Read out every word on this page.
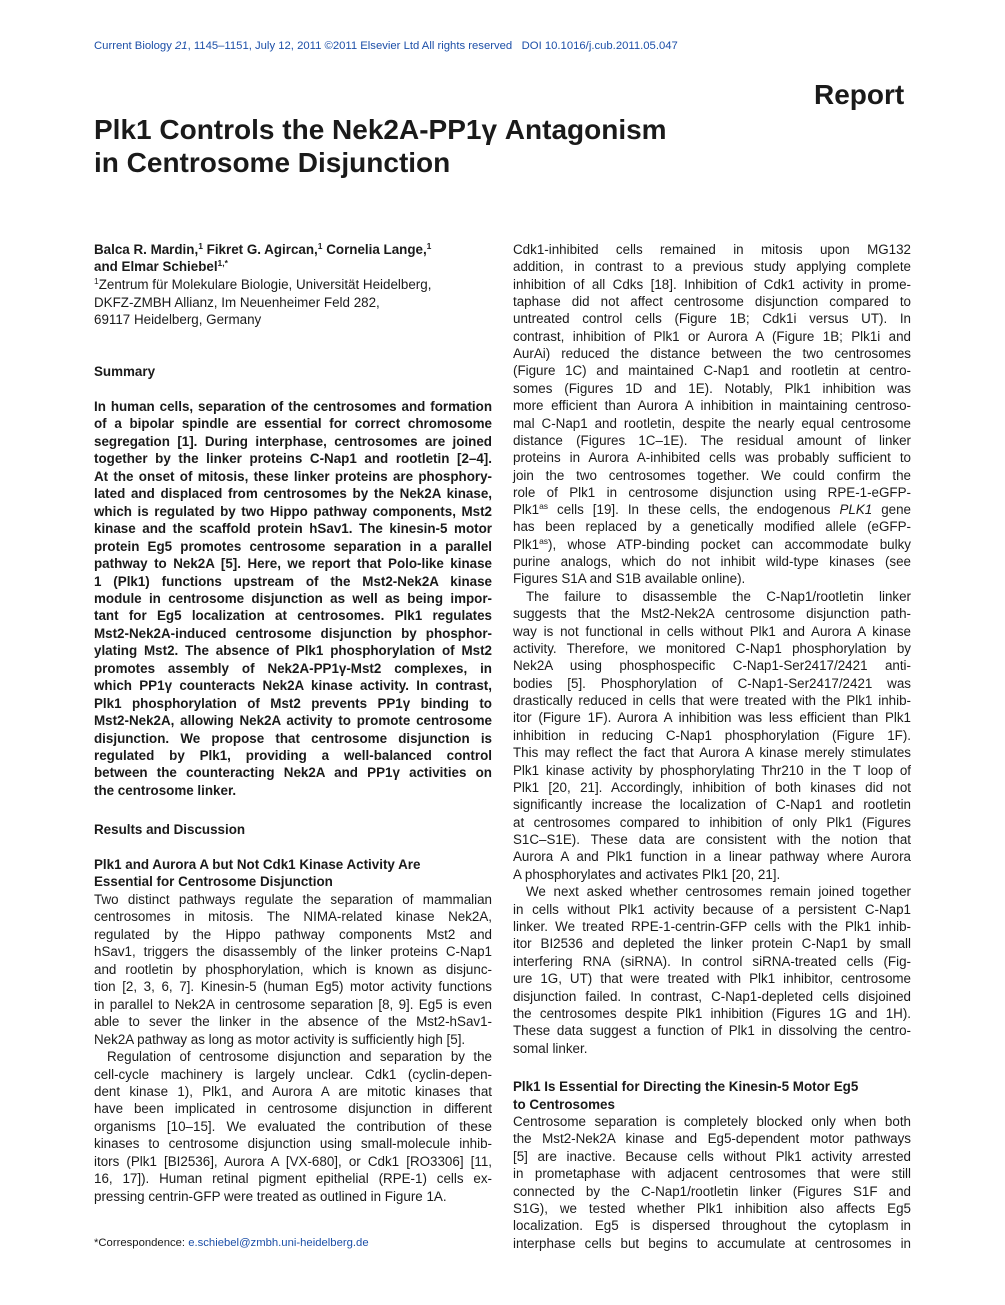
Current Biology 21, 1145–1151, July 12, 2011 ©2011 Elsevier Ltd All rights reserved DOI 10.1016/j.cub.2011.05.047
Report
Plk1 Controls the Nek2A-PP1γ Antagonism
in Centrosome Disjunction
Balca R. Mardin,$^1$ Fikret G. Agircan,$^1$ Cornelia Lange,$^1$
and Elmar Schiebel$^{1,*}$
$^1$Zentrum für Molekulare Biologie, Universität Heidelberg,
DKFZ-ZMBH Allianz, Im Neuenheimer Feld 282,
69117 Heidelberg, Germany
Summary
In human cells, separation of the centrosomes and formation
of a bipolar spindle are essential for correct chromosome
segregation [1]. During interphase, centrosomes are joined
together by the linker proteins C-Nap1 and rootletin [2–4].
At the onset of mitosis, these linker proteins are phosphory-
lated and displaced from centrosomes by the Nek2A kinase,
which is regulated by two Hippo pathway components, Mst2
kinase and the scaffold protein hSav1. The kinesin-5 motor
protein Eg5 promotes centrosome separation in a parallel
pathway to Nek2A [5]. Here, we report that Polo-like kinase
1 (Plk1) functions upstream of the Mst2-Nek2A kinase
module in centrosome disjunction as well as being impor-
tant for Eg5 localization at centrosomes. Plk1 regulates
Mst2-Nek2A-induced centrosome disjunction by phosphor-
ylating Mst2. The absence of Plk1 phosphorylation of Mst2
promotes assembly of Nek2A-PP1γ-Mst2 complexes, in
which PP1γ counteracts Nek2A kinase activity. In contrast,
Plk1 phosphorylation of Mst2 prevents PP1γ binding to
Mst2-Nek2A, allowing Nek2A activity to promote centrosome
disjunction. We propose that centrosome disjunction is
regulated by Plk1, providing a well-balanced control
between the counteracting Nek2A and PP1γ activities on
the centrosome linker.
Results and Discussion
Plk1 and Aurora A but Not Cdk1 Kinase Activity Are
Essential for Centrosome Disjunction
Two distinct pathways regulate the separation of mammalian
centrosomes in mitosis. The NIMA-related kinase Nek2A,
regulated by the Hippo pathway components Mst2 and
hSav1, triggers the disassembly of the linker proteins C-Nap1
and rootletin by phosphorylation, which is known as disjunc-
tion [2, 3, 6, 7]. Kinesin-5 (human Eg5) motor activity functions
in parallel to Nek2A in centrosome separation [8, 9]. Eg5 is even
able to sever the linker in the absence of the Mst2-hSav1-
Nek2A pathway as long as motor activity is sufficiently high [5].
Regulation of centrosome disjunction and separation by the
cell-cycle machinery is largely unclear. Cdk1 (cyclin-depen-
dent kinase 1), Plk1, and Aurora A are mitotic kinases that
have been implicated in centrosome disjunction in different
organisms [10–15]. We evaluated the contribution of these
kinases to centrosome disjunction using small-molecule inhib-
itors (Plk1 [BI2536], Aurora A [VX-680], or Cdk1 [RO3306] [11,
16, 17]). Human retinal pigment epithelial (RPE-1) cells ex-
pressing centrin-GFP were treated as outlined in Figure 1A.
*Correspondence: e.schiebel@zmbh.uni-heidelberg.de
Cdk1-inhibited cells remained in mitosis upon MG132
addition, in contrast to a previous study applying complete
inhibition of all Cdks [18]. Inhibition of Cdk1 activity in prome-
taphase did not affect centrosome disjunction compared to
untreated control cells (Figure 1B; Cdk1i versus UT). In
contrast, inhibition of Plk1 or Aurora A (Figure 1B; Plk1i and
AurAi) reduced the distance between the two centrosomes
(Figure 1C) and maintained C-Nap1 and rootletin at centro-
somes (Figures 1D and 1E). Notably, Plk1 inhibition was
more efficient than Aurora A inhibition in maintaining centroso-
mal C-Nap1 and rootletin, despite the nearly equal centrosome
distance (Figures 1C–1E). The residual amount of linker
proteins in Aurora A-inhibited cells was probably sufficient to
join the two centrosomes together. We could confirm the
role of Plk1 in centrosome disjunction using RPE-1-eGFP-
$Plk1^{as}$ cells [19]. In these cells, the endogenous PLK1 gene
has been replaced by a genetically modified allele (eGFP-
$Plk1^{as}$), whose ATP-binding pocket can accommodate bulky
purine analogs, which do not inhibit wild-type kinases (see
Figures S1A and S1B available online).
The failure to disassemble the C-Nap1/rootletin linker
suggests that the Mst2-Nek2A centrosome disjunction path-
way is not functional in cells without Plk1 and Aurora A kinase
activity. Therefore, we monitored C-Nap1 phosphorylation by
Nek2A using phosphospecific C-Nap1-Ser2417/2421 anti-
bodies [5]. Phosphorylation of C-Nap1-Ser2417/2421 was
drastically reduced in cells that were treated with the Plk1 inhib-
itor (Figure 1F). Aurora A inhibition was less efficient than Plk1
inhibition in reducing C-Nap1 phosphorylation (Figure 1F).
This may reflect the fact that Aurora A kinase merely stimulates
Plk1 kinase activity by phosphorylating Thr210 in the T loop of
Plk1 [20, 21]. Accordingly, inhibition of both kinases did not
significantly increase the localization of C-Nap1 and rootletin
at centrosomes compared to inhibition of only Plk1 (Figures
S1C–S1E). These data are consistent with the notion that
Aurora A and Plk1 function in a linear pathway where Aurora
A phosphorylates and activates Plk1 [20, 21].
We next asked whether centrosomes remain joined together
in cells without Plk1 activity because of a persistent C-Nap1
linker. We treated RPE-1-centrin-GFP cells with the Plk1 inhib-
itor BI2536 and depleted the linker protein C-Nap1 by small
interfering RNA (siRNA). In control siRNA-treated cells (Fig-
ure 1G, UT) that were treated with Plk1 inhibitor, centrosome
disjunction failed. In contrast, C-Nap1-depleted cells disjoined
the centrosomes despite Plk1 inhibition (Figures 1G and 1H).
These data suggest a function of Plk1 in dissolving the centro-
somal linker.
Plk1 Is Essential for Directing the Kinesin-5 Motor Eg5
to Centrosomes
Centrosome separation is completely blocked only when both
the Mst2-Nek2A kinase and Eg5-dependent motor pathways
[5] are inactive. Because cells without Plk1 activity arrested
in prometaphase with adjacent centrosomes that were still
connected by the C-Nap1/rootletin linker (Figures S1F and
S1G), we tested whether Plk1 inhibition also affects Eg5
localization. Eg5 is dispersed throughout the cytoplasm in
interphase cells but begins to accumulate at centrosomes in
